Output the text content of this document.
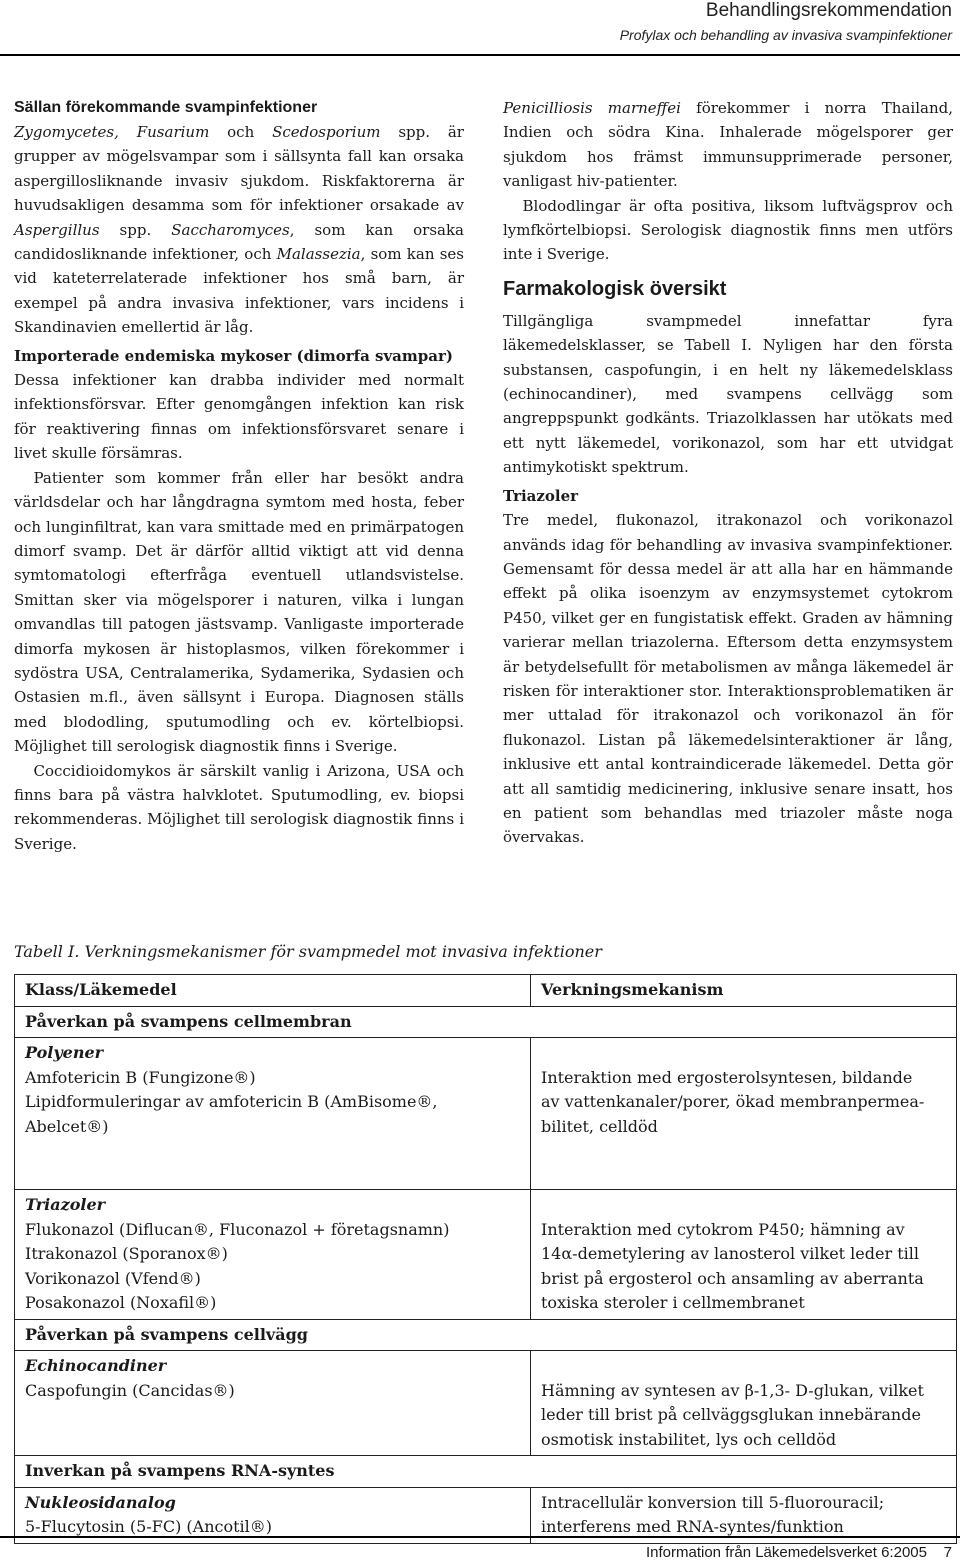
Behandlingsrekommendation
Profylax och behandling av invasiva svampinfektioner
Sällan förekommande svampinfektioner

Zygomycetes, Fusarium och Scedosporium spp. är grupper av mögelsvampar som i sällsynta fall kan orsaka aspergillosliknande invasiv sjukdom. Riskfaktorerna är huvudsakligen desamma som för infektioner orsakade av Aspergillus spp. Saccharomyces, som kan orsaka candidosliknande infektioner, och Malassezia, som kan ses vid kateterrelaterade infektioner hos små barn, är exempel på andra invasiva infektioner, vars incidens i Skandinavien emellertid är låg.

Importerade endemiska mykoser (dimorfa svampar)

Dessa infektioner kan drabba individer med normalt infektionsförsvar. Efter genomgången infektion kan risk för reaktivering finnas om infektionsförsvaret senare i livet skulle försämras.

Patienter som kommer från eller har besökt andra världsdelar och har långdragna symtom med hosta, feber och lunginfiltrat, kan vara smittade med en primärpatogen dimorf svamp. Det är därför alltid viktigt att vid denna symtomatologi efterfråga eventuell utlandsvistelse. Smittan sker via mögelsporer i naturen, vilka i lungan omvandlas till patogen jästsvamp. Vanligaste importerade dimorfa mykosen är histoplasmos, vilken förekommer i sydöstra USA, Centralamerika, Sydamerika, Sydasien och Ostasien m.fl., även sällsynt i Europa. Diagnosen ställs med blododling, sputumodling och ev. körtelbiopsi. Möjlighet till serologisk diagnostik finns i Sverige.

Coccidioidomykos är särskilt vanlig i Arizona, USA och finns bara på västra halvklotet. Sputumodling, ev. biopsi rekommenderas. Möjlighet till serologisk diagnostik finns i Sverige.

Penicilliosis marneffei förekommer i norra Thailand, Indien och södra Kina. Inhalerade mögelsporer ger sjukdom hos främst immunsupprimerade personer, vanligast hiv-patienter.

Blododlingar är ofta positiva, liksom luftvägsprov och lymfkörtelbiopsi. Serologisk diagnostik finns men utförs inte i Sverige.

Farmakologisk översikt

Tillgängliga svampmedel innefattar fyra läkemedelsklasser, se Tabell I. Nyligen har den första substansen, caspofungin, i en helt ny läkemedelsklass (echinocandiner), med svampens cellvägg som angreppspunkt godkänts. Triazolklassen har utökats med ett nytt läkemedel, vorikonazol, som har ett utvidgat antimykotiskt spektrum.

Triazoler

Tre medel, flukonazol, itrakonazol och vorikonazol används idag för behandling av invasiva svampinfektioner. Gemensamt för dessa medel är att alla har en hämmande effekt på olika isoenzym av enzymsystemet cytokrom P450, vilket ger en fungistatisk effekt. Graden av hämning varierar mellan triazolerna. Eftersom detta enzymsystem är betydelsefullt för metabolismen av många läkemedel är risken för interaktioner stor. Interaktionsproblematiken är mer uttalad för itrakonazol och vorikonazol än för flukonazol. Listan på läkemedelsinteraktioner är lång, inklusive ett antal kontraindicerade läkemedel. Detta gör att all samtidig medicinering, inklusive senare insatt, hos en patient som behandlas med triazoler måste noga övervakas.

Tabell I. Verkningsmekanismer för svampmedel mot invasiva infektioner
Klass/Läkemedel	Verkningsmekanism
Påverkan på svampens cellmembran
Polyener
Amfotericin B (Fungizone®)
Lipidformuleringar av amfotericin B (AmBisome®, Abelcet®)
Interaktion med ergosterolsyntesen, bildande
av vattenkanaler/porer, ökad membranpermea-
bilitet, celldöd
Triazoler
Flukonazol (Diflucan®, Fluconazol + företagsnamn)
Itrakonazol (Sporanox®)
Vorikonazol (Vfend®)
Posakonazol (Noxafil®)
Interaktion med cytokrom P450; hämning av
14α-demetylering av lanosterol vilket leder till
brist på ergosterol och ansamling av aberranta
toxiska steroler i cellmembranet
Påverkan på svampens cellvägg
Echinocandiner
Caspofungin (Cancidas®)	Hämning av syntesen av β-1,3- D-glukan, vilket
leder till brist på cellväggsglukan innebärande
osmotisk instabilitet, lys och celldöd
Inverkan på svampens RNA-syntes
Nukleosidanalog
5-Flucytosin (5-FC) (Ancotil®)
Intracellulär konversion till 5-fluorouracil;
interferens med RNA-syntes/funktion
Information från Läkemedelsverket 6:2005 7
